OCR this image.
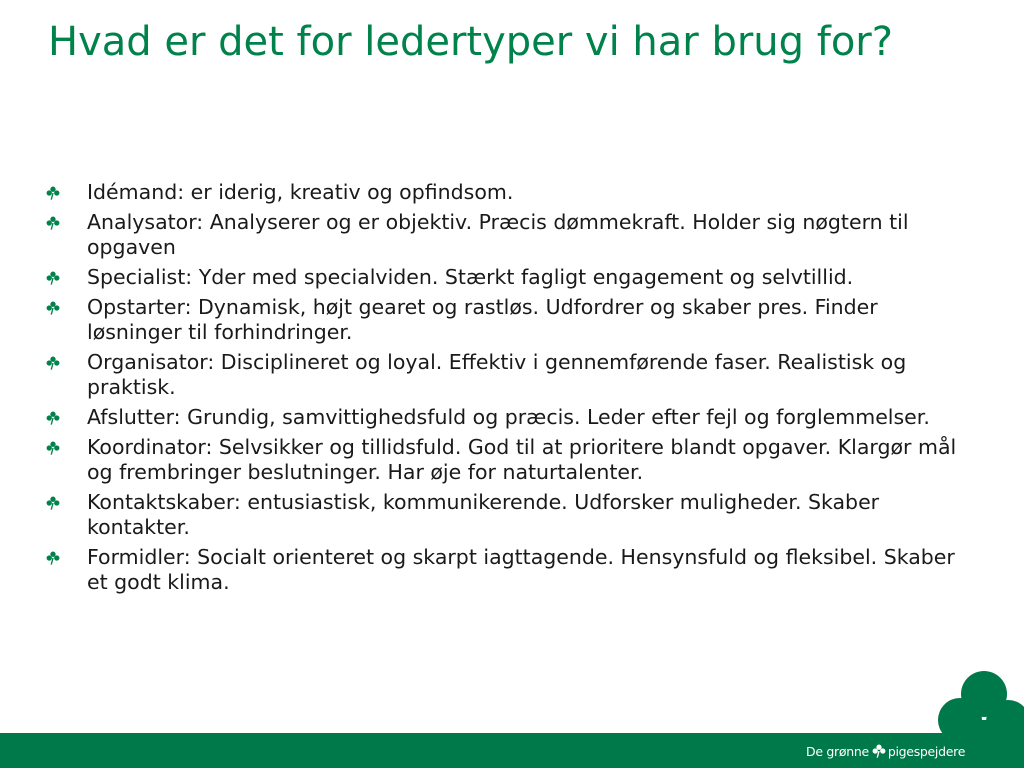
Hvad er det for ledertyper vi har brug for?
Idémand: er iderig, kreativ og opfindsom.
Analysator: Analyserer og er objektiv. Præcis dømmekraft. Holder sig nøgtern til opgaven
Specialist: Yder med specialviden. Stærkt fagligt engagement og selvtillid.
Opstarter: Dynamisk, højt gearet og rastløs. Udfordrer og skaber pres. Finder løsninger til forhindringer.
Organisator: Disciplineret og loyal. Effektiv i gennemførende faser. Realistisk og praktisk.
Afslutter: Grundig, samvittighedsfuld og præcis. Leder efter fejl og forglemmelser.
Koordinator: Selvsikker og tillidsfuld. God til at prioritere blandt opgaver. Klargør mål og frembringer beslutninger. Har øje for naturtalenter.
Kontaktskaber: entusiastisk, kommunikerende. Udforsker muligheder. Skaber kontakter.
Formidler: Socialt orienteret og skarpt iagttagende. Hensynsfuld og fleksibel. Skaber et godt klima.
De grønne pigespejdere
